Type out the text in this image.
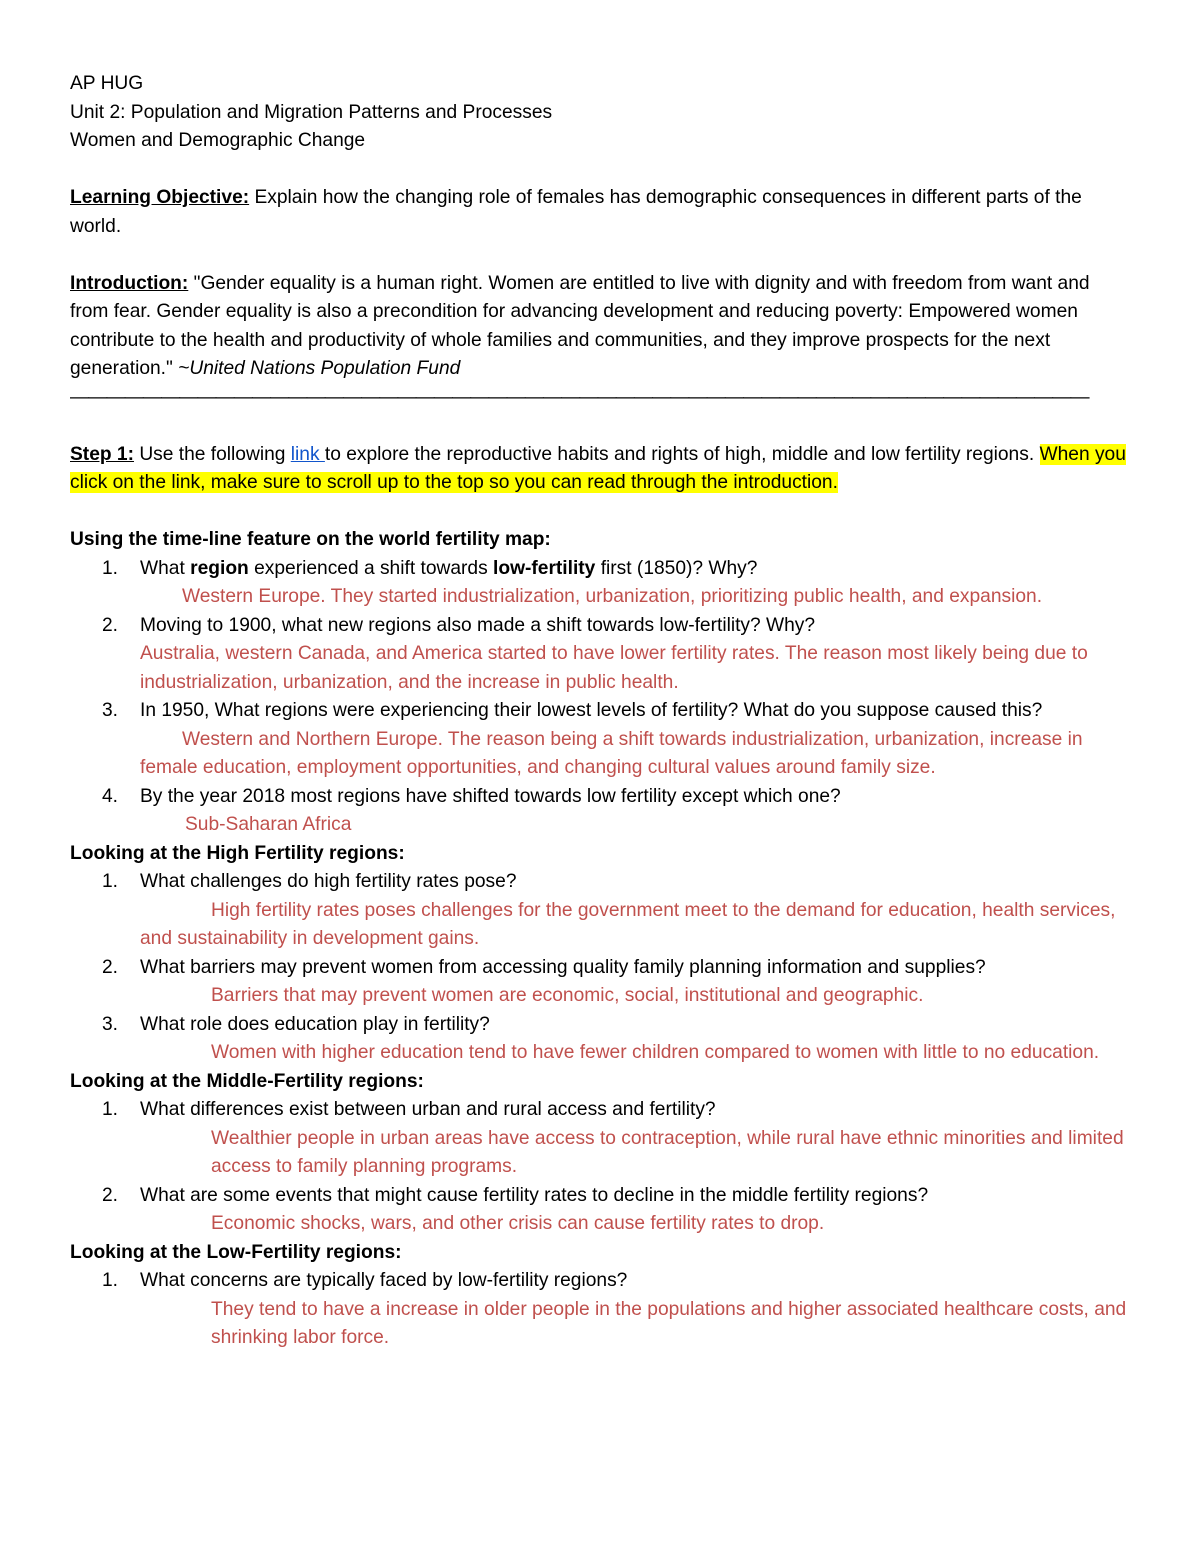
AP HUG

Unit 2: Population and Migration Patterns and Processes

Women and Demographic Change

Learning Objective: Explain how the changing role of females has demographic consequences in different parts of the world.

Introduction: "Gender equality is a human right. Women are entitled to live with dignity and with freedom from want and from fear. Gender equality is also a precondition for advancing development and reducing poverty: Empowered women contribute to the health and productivity of whole families and communities, and they improve prospects for the next generation." ~United Nations Population Fund

————————————————————————————————————————————————————————

Step 1: Use the following link to explore the reproductive habits and rights of high, middle and low fertility regions. When you click on the link, make sure to scroll up to the top so you can read through the introduction.

Using the time-line feature on the world fertility map:

1. What region experienced a shift towards low-fertility first (1850)? Why?
Western Europe. They started industrialization, urbanization, prioritizing public health, and expansion.
2. Moving to 1900, what new regions also made a shift towards low-fertility? Why?
Australia, western Canada, and America started to have lower fertility rates. The reason most likely being due to industrialization, urbanization, and the increase in public health.
3. In 1950, What regions were experiencing their lowest levels of fertility? What do you suppose caused this?
Western and Northern Europe. The reason being a shift towards industrialization, urbanization, increase in female education, employment opportunities, and changing cultural values around family size.
4. By the year 2018 most regions have shifted towards low fertility except which one?
Sub-Saharan Africa

Looking at the High Fertility regions:

1. What challenges do high fertility rates pose?
High fertility rates poses challenges for the government meet to the demand for education, health services, and sustainability in development gains.
2. What barriers may prevent women from accessing quality family planning information and supplies?
Barriers that may prevent women are economic, social, institutional and geographic.
3. What role does education play in fertility?
Women with higher education tend to have fewer children compared to women with little to no education.

Looking at the Middle-Fertility regions:

1. What differences exist between urban and rural access and fertility?
Wealthier people in urban areas have access to contraception, while rural have ethnic minorities and limited access to family planning programs.
2. What are some events that might cause fertility rates to decline in the middle fertility regions?
Economic shocks, wars, and other crisis can cause fertility rates to drop.

Looking at the Low-Fertility regions:

1. What concerns are typically faced by low-fertility regions?
They tend to have a increase in older people in the populations and higher associated healthcare costs, and shrinking labor force.
